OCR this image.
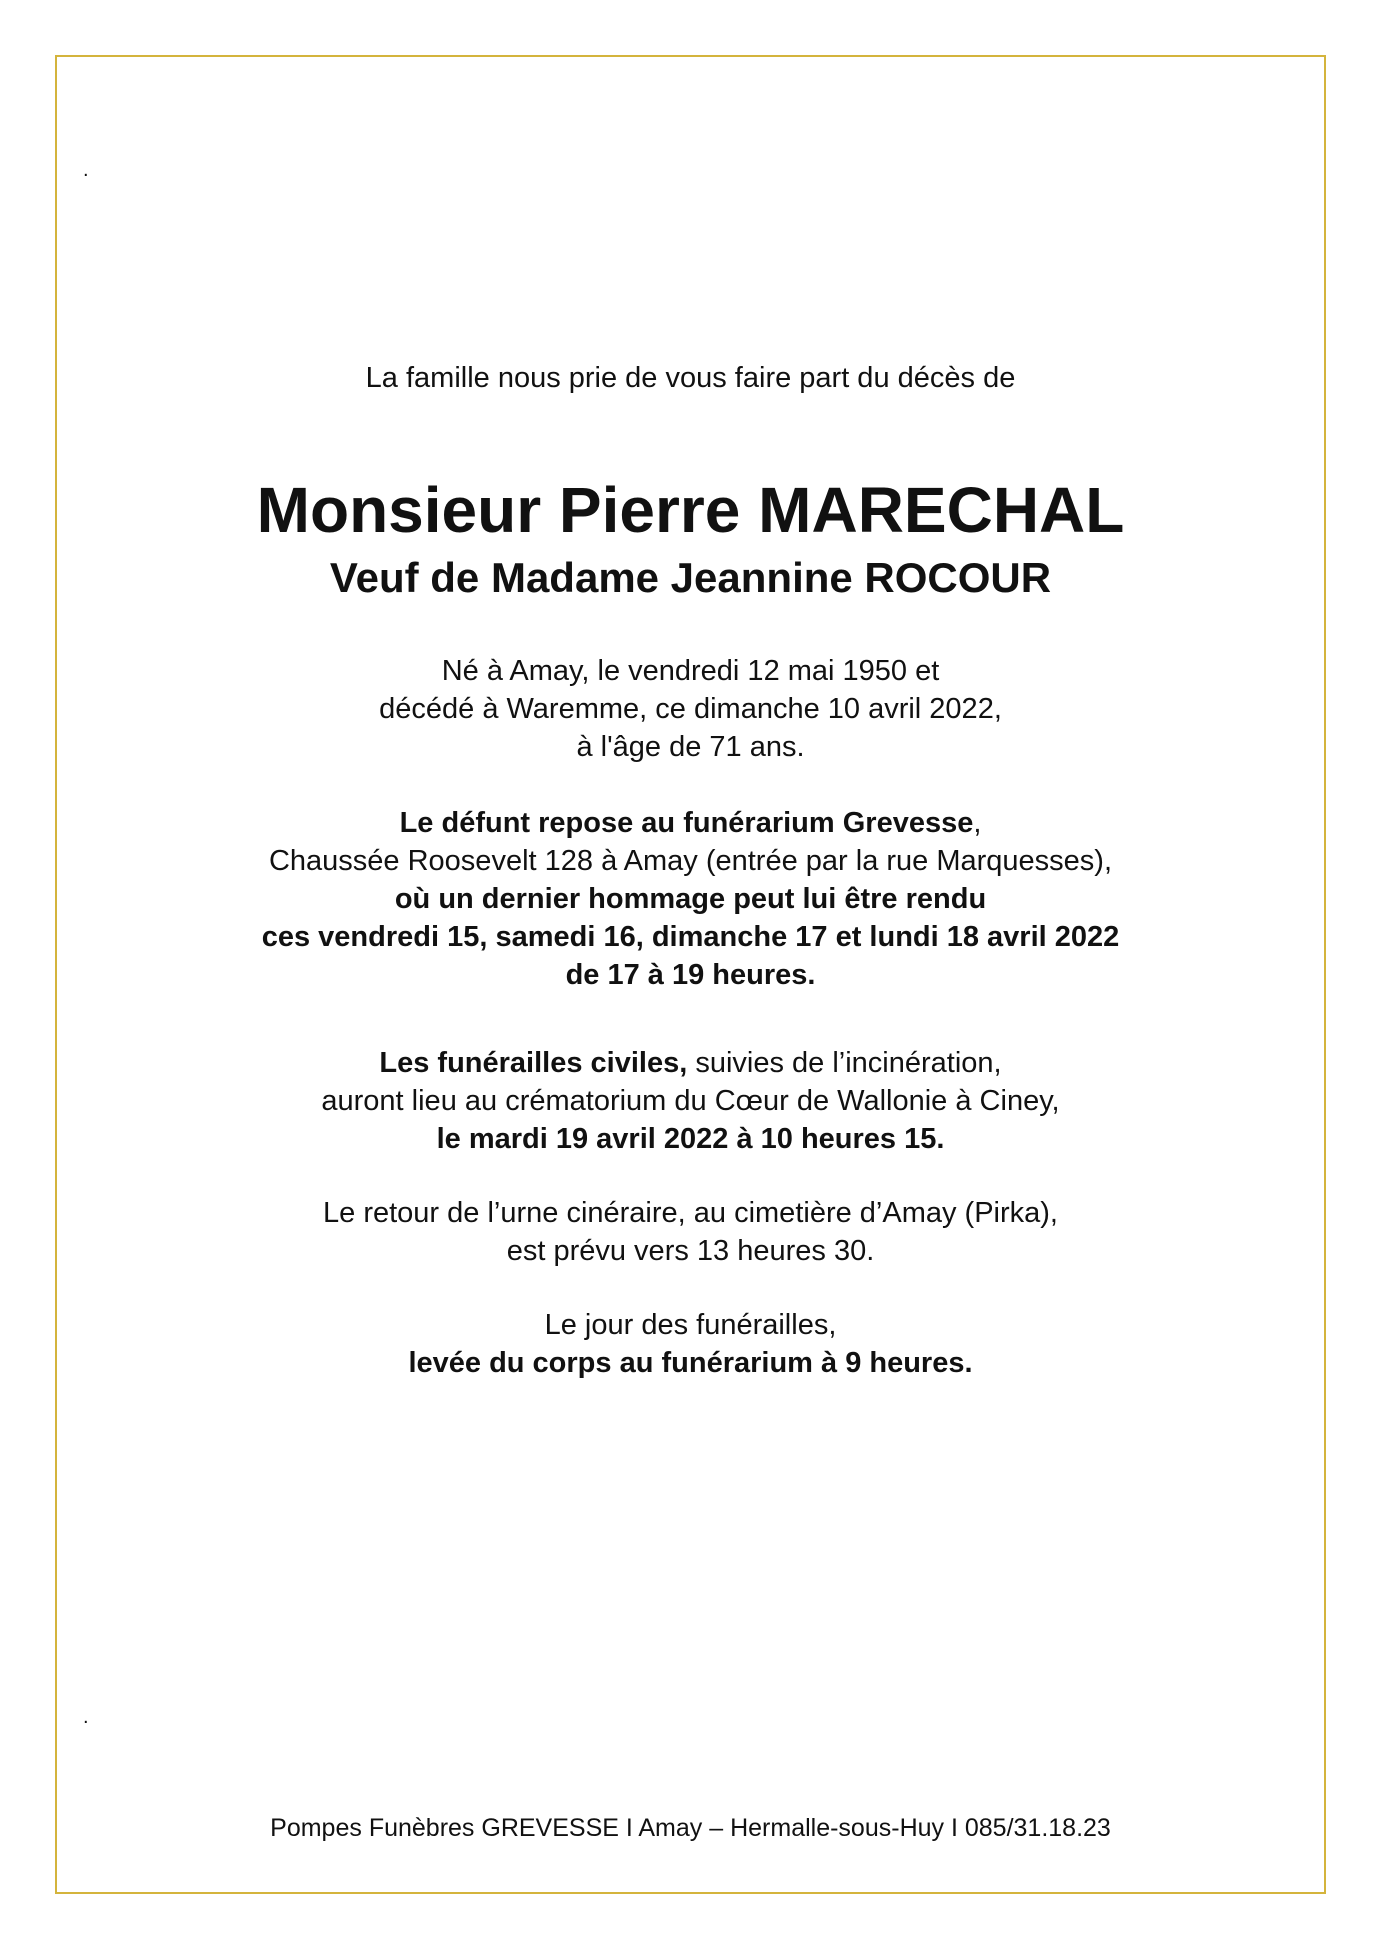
.
.
La famille nous prie de vous faire part du décès de
Monsieur Pierre MARECHAL
Veuf de Madame Jeannine ROCOUR
Né à Amay, le vendredi 12 mai 1950 et
décédé à Waremme, ce dimanche 10 avril 2022,
à l'âge de 71 ans.
Le défunt repose au funérarium Grevesse,
Chaussée Roosevelt 128 à Amay (entrée par la rue Marquesses),
où un dernier hommage peut lui être rendu
ces vendredi 15, samedi 16, dimanche 17 et lundi 18 avril 2022
de 17 à 19 heures.
Les funérailles civiles, suivies de l’incinération,
auront lieu au crématorium du Cœur de Wallonie à Ciney,
le mardi 19 avril 2022 à 10 heures 15.
Le retour de l’urne cinéraire, au cimetière d’Amay (Pirka),
est prévu vers 13 heures 30.
Le jour des funérailles,
levée du corps au funérarium à 9 heures.
Pompes Funèbres GREVESSE I Amay – Hermalle-sous-Huy I 085/31.18.23
